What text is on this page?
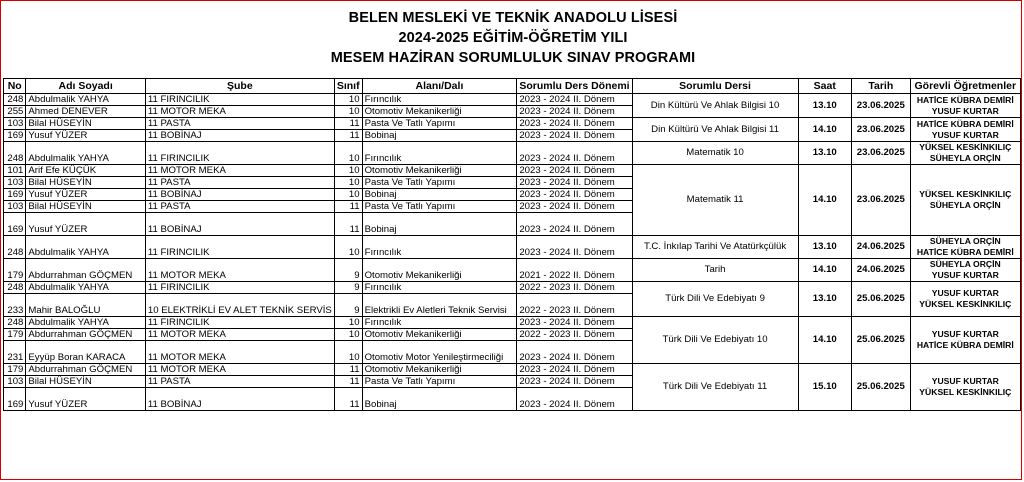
BELEN MESLEKİ VE TEKNİK ANADOLU LİSESİ
2024-2025 EĞİTİM-ÖĞRETİM YILI
MESEM HAZİRAN SORUMLULUK SINAV PROGRAMI
No	Adı Soyadı	Şube	Sınıf	Alanı/Dalı	Sorumlu Ders Dönemi	Sorumlu Dersi	Saat	Tarih	Görevli Öğretmenler
248	Abdulmalik YAHYA	11 FIRINCILIK	10	Fırıncılık	2023 - 2024 II. Dönem	Din Kültürü Ve Ahlak Bilgisi 10	13.10	23.06.2025	HATİCE KÜBRA DEMİRİ
YUSUF KURTAR

255	Ahmed DENEVER	11 MOTOR MEKA	10	Otomotiv Mekanikerliği	2023 - 2024 II. Dönem				
103	Bilal HÜSEYİN	11 PASTA	11	Pasta Ve Tatlı Yapımı	2023 - 2024 II. Dönem	Din Kültürü Ve Ahlak Bilgisi 11	14.10	23.06.2025	HATİCE KÜBRA DEMİRİ
YUSUF KURTAR

169	Yusuf YÜZER	11 BOBİNAJ	11	Bobinaj	2023 - 2024 II. Dönem				
248	Abdulmalik YAHYA	11 FIRINCILIK	10	Fırıncılık	2023 - 2024 II. Dönem	Matematik 10	13.10	23.06.2025	YÜKSEL KESKİNKILIÇ
SÜHEYLA ORÇİN

101	Arif Efe KÜÇÜK	11 MOTOR MEKA	10	Otomotiv Mekanikerliği	2023 - 2024 II. Dönem	Matematik 11	14.10	23.06.2025	YÜKSEL KESKİNKILIÇ
SÜHEYLA ORÇİN

103	Bilal HÜSEYİN	11 PASTA	10	Pasta Ve Tatlı Yapımı	2023 - 2024 II. Dönem				
169	Yusuf YÜZER	11 BOBİNAJ	10	Bobinaj	2023 - 2024 II. Dönem				
103	Bilal HÜSEYİN	11 PASTA	11	Pasta Ve Tatlı Yapımı	2023 - 2024 II. Dönem				
169	Yusuf YÜZER	11 BOBİNAJ	11	Bobinaj	2023 - 2024 II. Dönem				
248	Abdulmalik YAHYA	11 FIRINCILIK	10	Fırıncılık	2023 - 2024 II. Dönem	T.C. İnkılap Tarihi Ve Atatürkçülük	13.10	24.06.2025	SÜHEYLA ORÇİN
HATİCE KÜBRA DEMİRİ

179	Abdurrahman GÖÇMEN	11 MOTOR MEKA	9	Otomotiv Mekanikerliği	2021 - 2022 II. Dönem	Tarih	14.10	24.06.2025	SÜHEYLA ORÇİN
YUSUF KURTAR

248	Abdulmalik YAHYA	11 FIRINCILIK	9	Fırıncılık	2022 - 2023 II. Dönem	Türk Dili Ve Edebiyatı 9	13.10	25.06.2025	YUSUF KURTAR
YÜKSEL KESKİNKILIÇ

233	Mahir BALOĞLU	10 ELEKTRİKLİ EV ALET TEKNİK SERVİS	9	Elektrikli Ev Aletleri Teknik Servisi	2022 - 2023 II. Dönem				
248	Abdulmalik YAHYA	11 FIRINCILIK	10	Fırıncılık	2023 - 2024 II. Dönem	Türk Dili Ve Edebiyatı 10	14.10	25.06.2025	YUSUF KURTAR
HATİCE KÜBRA DEMİRİ

179	Abdurrahman GÖÇMEN	11 MOTOR MEKA	10	Otomotiv Mekanikerliği	2022 - 2023 II. Dönem				
231	Eyyüp Boran KARACA	11 MOTOR MEKA	10	Otomotiv Motor Yenileştirmeciliği	2023 - 2024 II. Dönem				
179	Abdurrahman GÖÇMEN	11 MOTOR MEKA	11	Otomotiv Mekanikerliği	2023 - 2024 II. Dönem	Türk Dili Ve Edebiyatı 11	15.10	25.06.2025	YUSUF KURTAR
YÜKSEL KESKİNKILIÇ

103	Bilal HÜSEYİN	11 PASTA	11	Pasta Ve Tatlı Yapımı	2023 - 2024 II. Dönem				
169	Yusuf YÜZER	11 BOBİNAJ	11	Bobinaj	2023 - 2024 II. Dönem				
